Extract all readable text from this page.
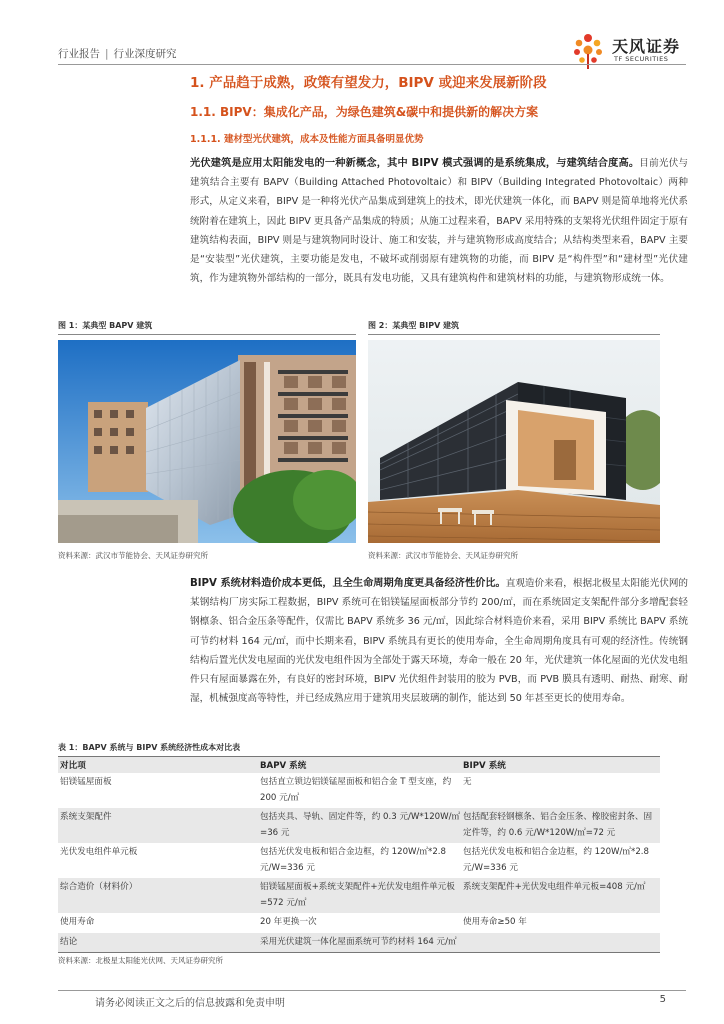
行业报告 | 行业深度研究	天风证券
TF SECURITIES
1. 产品趋于成熟，政策有望发力，BIPV 或迎来发展新阶段
1.1. BIPV：集成化产品，为绿色建筑&碳中和提供新的解决方案
1.1.1. 建材型光伏建筑，成本及性能方面具备明显优势
光伏建筑是应用太阳能发电的一种新概念，其中 BIPV 模式强调的是系统集成，与建筑结合度高。目前光伏与建筑结合主要有 BAPV（Building Attached Photovoltaic）和 BIPV（Building Integrated Photovoltaic）两种形式，从定义来看，BIPV 是一种将光伏产品集成到建筑上的技术，即光伏建筑一体化，而 BAPV 则是简单地将光伏系统附着在建筑上，因此 BIPV 更具备产品集成的特质；从施工过程来看，BAPV 采用特殊的支架将光伏组件固定于原有建筑结构表面，BIPV 则是与建筑物同时设计、施工和安装，并与建筑物形成高度结合；从结构类型来看，BAPV 主要是“安装型”光伏建筑，主要功能是发电，不破坏或削弱原有建筑物的功能，而 BIPV 是“构件型”和“建材型”光伏建筑，作为建筑物外部结构的一部分，既具有发电功能，又具有建筑构件和建筑材料的功能，与建筑物形成统一体。
图 1：某典型 BAPV 建筑
资料来源：武汉市节能协会、天风证券研究所
图 2：某典型 BIPV 建筑
资料来源：武汉市节能协会、天风证券研究所
BIPV 系统材料造价成本更低，且全生命周期角度更具备经济性价比。直观造价来看，根据北极星太阳能光伏网的某钢结构厂房实际工程数据，BIPV 系统可在铝镁锰屋面板部分节约 200/㎡，而在系统固定支架配件部分多增配套轻钢檩条、铝合金压条等配件，仅需比 BAPV 系统多 36 元/㎡，因此综合材料造价来看，采用 BIPV 系统比 BAPV 系统可节约材料 164 元/㎡，而中长期来看，BIPV 系统具有更长的使用寿命，全生命周期角度具有可观的经济性。传统钢结构后置光伏发电屋面的光伏发电组件因为全部处于露天环境，寿命一般在 20 年，光伏建筑一体化屋面的光伏发电组件只有屋面暴露在外，有良好的密封环境，BIPV 光伏组件封装用的胶为 PVB，而 PVB 膜具有透明、耐热、耐寒、耐湿，机械强度高等特性，并已经成熟应用于建筑用夹层玻璃的制作，能达到 50 年甚至更长的使用寿命。
表 1：BAPV 系统与 BIPV 系统经济性成本对比表
对比项	BAPV 系统	BIPV 系统
铝镁锰屋面板	包括直立锁边铝镁锰屋面板和铝合金 T 型支座，约 200 元/㎡	无
系统支架配件	包括夹具、导轨、固定件等，约 0.3 元/W*120W/㎡=36 元	包括配套轻钢檩条、铝合金压条、橡胶密封条、固定件等，约 0.6 元/W*120W/㎡=72 元
光伏发电组件单元板	包括光伏发电板和铝合金边框，约 120W/㎡*2.8 元/W=336 元	包括光伏发电板和铝合金边框，约 120W/㎡*2.8 元/W=336 元
综合造价（材料价）	铝镁锰屋面板+系统支架配件+光伏发电组件单元板=572 元/㎡	系统支架配件+光伏发电组件单元板=408 元/㎡
使用寿命	20 年更换一次	使用寿命≥50 年
结论	采用光伏建筑一体化屋面系统可节约材料 164 元/㎡	
资料来源：北极星太阳能光伏网、天风证券研究所
请务必阅读正文之后的信息披露和免责申明	5
